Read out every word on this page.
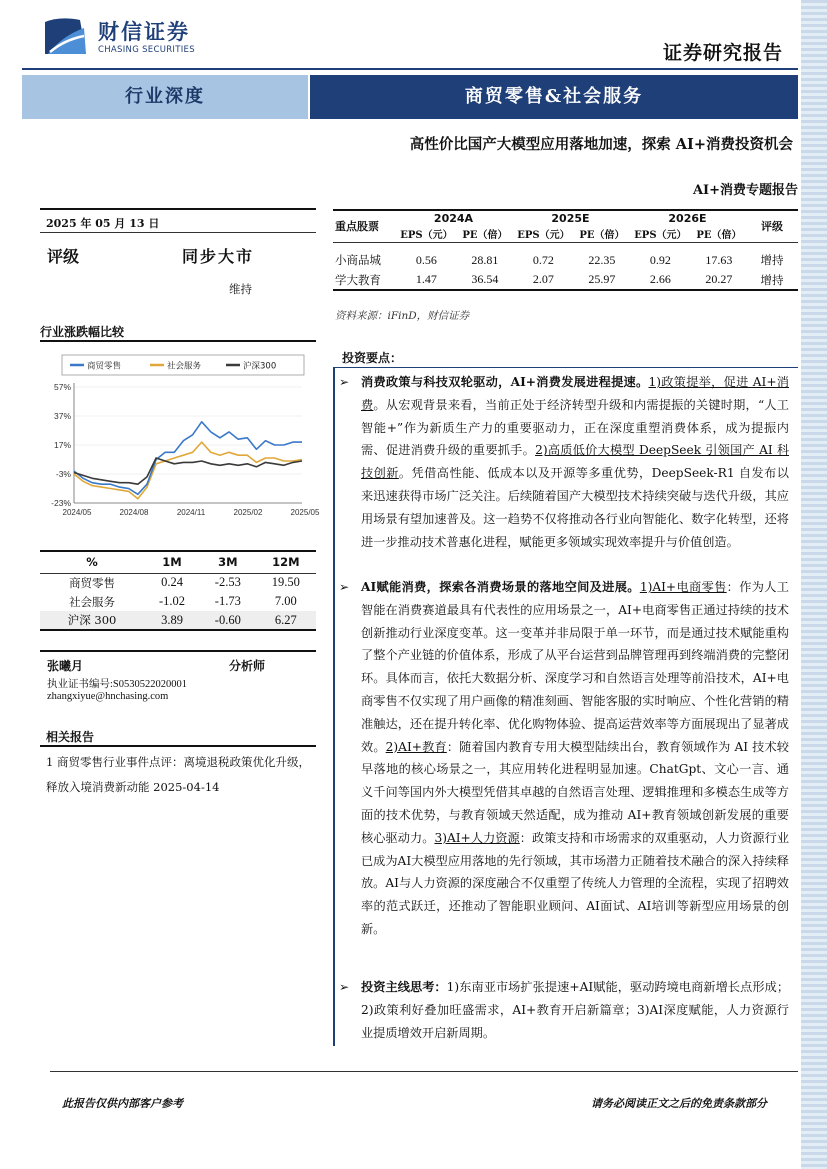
财信证券
CHASING SECURITIES	证券研究报告
行业深度	商贸零售&社会服务
高性价比国产大模型应用落地加速，探索 AI+消费投资机会
AI+消费专题报告
2025 年 05 月 13 日
评级	同步大市
维持
行业涨跌幅比较
商贸零售	社会服务	沪深300
57%
37%
17%
-3%
-23%
2024/05	2024/08	2024/11	2025/02	2025/05
%	1M	3M	12M
商贸零售	0.24	-2.53	19.50
社会服务	-1.02	-1.73	7.00
沪深 300	3.89	-0.60	6.27
张曦月	分析师
执业证书编号:S0530522020001
zhangxiyue@hnchasing.com
相关报告
1 商贸零售行业事件点评：离境退税政策优化升级，释放入境消费新动能 2025-04-14
重点股票	2024A		2025E		2026E		评级
	EPS（元）	PE（倍）	EPS（元）	PE（倍）	EPS（元）	PE（倍）	

小商品城	0.56	28.81	0.72	22.35	0.92	17.63	增持
学大教育	1.47	36.54	2.07	25.97	2.66	20.27	增持
资料来源：iFinD，财信证券
投资要点：
➢ 消费政策与科技双轮驱动，AI+消费发展进程提速。1)政策提举，促进 AI+消费。从宏观背景来看，当前正处于经济转型升级和内需提振的关键时期，“人工智能+”作为新质生产力的重要驱动力，正在深度重塑消费体系，成为提振内需、促进消费升级的重要抓手。2)高质低价大模型 DeepSeek 引领国产 AI 科技创新。凭借高性能、低成本以及开源等多重优势，DeepSeek-R1 自发布以来迅速获得市场广泛关注。后续随着国产大模型技术持续突破与迭代升级，其应用场景有望加速普及。这一趋势不仅将推动各行业向智能化、数字化转型，还将进一步推动技术普惠化进程，赋能更多领域实现效率提升与价值创造。
➢ AI赋能消费，探索各消费场景的落地空间及进展。1)AI+电商零售：作为人工智能在消费赛道最具有代表性的应用场景之一，AI+电商零售正通过持续的技术创新推动行业深度变革。这一变革并非局限于单一环节，而是通过技术赋能重构了整个产业链的价值体系，形成了从平台运营到品牌管理再到终端消费的完整闭环。具体而言，依托大数据分析、深度学习和自然语言处理等前沿技术，AI+电商零售不仅实现了用户画像的精准刻画、智能客服的实时响应、个性化营销的精准触达，还在提升转化率、优化购物体验、提高运营效率等方面展现出了显著成效。2)AI+教育：随着国内教育专用大模型陆续出台，教育领域作为 AI 技术较早落地的核心场景之一，其应用转化进程明显加速。ChatGpt、文心一言、通义千问等国内外大模型凭借其卓越的自然语言处理、逻辑推理和多模态生成等方面的技术优势，与教育领域天然适配，成为推动 AI+教育领域创新发展的重要核心驱动力。3)AI+人力资源：政策支持和市场需求的双重驱动，人力资源行业已成为AI大模型应用落地的先行领域，其市场潜力正随着技术融合的深入持续释放。AI与人力资源的深度融合不仅重塑了传统人力管理的全流程，实现了招聘效率的范式跃迁，还推动了智能职业顾问、AI面试、AI培训等新型应用场景的创新。
➢ 投资主线思考：1)东南亚市场扩张提速+AI赋能，驱动跨境电商新增长点形成；2)政策利好叠加旺盛需求，AI+教育开启新篇章；3)AI深度赋能，人力资源行业提质增效开启新周期。
此报告仅供内部客户参考	请务必阅读正文之后的免责条款部分
